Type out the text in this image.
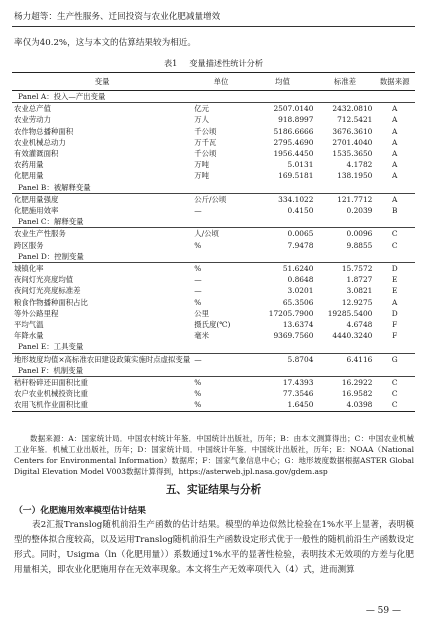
杨力超等：生产性服务、迁回投资与农业化肥减量增效
率仅为40.2%，这与本文的估算结果较为相近。
表1 变量描述性统计分析
变量	单位	均值	标准差	数据来源
Panel A：投入—产出变量				
农业总产值	亿元	2507.0140	2432.0810	A
农业劳动力	万人	918.8997	712.5421	A
农作物总播种面积	千公顷	5186.6666	3676.3610	A
农业机械总动力	万千瓦	2795.4690	2701.4040	A
有效灌溉面积	千公顷	1956.4450	1535.3650	A
农药用量	万吨	5.0131	4.1782	A
化肥用量	万吨	169.5181	138.1950	A
Panel B：被解释变量				
化肥用量强度	公斤/公顷	334.1022	121.7712	A
化肥施用效率	—	0.4150	0.2039	B
Panel C：解释变量				
农业生产性服务	人/公顷	0.0065	0.0096	C
跨区服务	%	7.9478	9.8855	C
Panel D：控制变量				
城镇化率	%	51.6240	15.7572	D
夜间灯光亮度均值	—	0.8648	1.8727	E
夜间灯光亮度标准差	—	3.0201	3.0821	E
粮食作物播种面积占比	%	65.3506	12.9275	A
等外公路里程	公里	17205.7900	19285.5400	D
平均气温	摄氏度(℃)	13.6374	4.6748	F
年降水量	毫米	9369.7560	4440.3240	F
Panel E：工具变量				
地形坡度均值×高标准农田建设政策实施时点虚拟变量	—	5.8704	6.4116	G
Panel F：机制变量				
秸秆粉碎还田面积比重	%	17.4393	16.2922	C
农户农业机械投资比重	%	77.3546	16.9582	C
农用飞机作业面积比重	%	1.6450	4.0398	C
数据来源：A：国家统计局．中国农村统计年鉴．中国统计出版社，历年；B：由本文测算得出；C：中国农业机械工业年鉴．机械工业出版社，历年；D：国家统计局．中国统计年鉴．中国统计出版社，历年；E：NOAA（National Centers for Environmental Information）数据库；F：国家气象信息中心；G：地形坡度数据根据ASTER Global Digital Elevation Model V003数据计算得到，https://asterweb.jpl.nasa.gov/gdem.asp
五、实证结果与分析
（一）化肥施用效率模型估计结果
表2汇报Translog随机前沿生产函数的估计结果。模型的单边似然比检验在1%水平上显著，表明模型的整体拟合度较高，以及运用Translog随机前沿生产函数设定形式优于一般性的随机前沿生产函数设定形式。同时，Usigma（ln（化肥用量））系数通过1%水平的显著性检验，表明技术无效项的方差与化肥用量相关，即农业化肥施用存在无效率现象。本文将生产无效率项代入（4）式，进而测算
— 59 —
